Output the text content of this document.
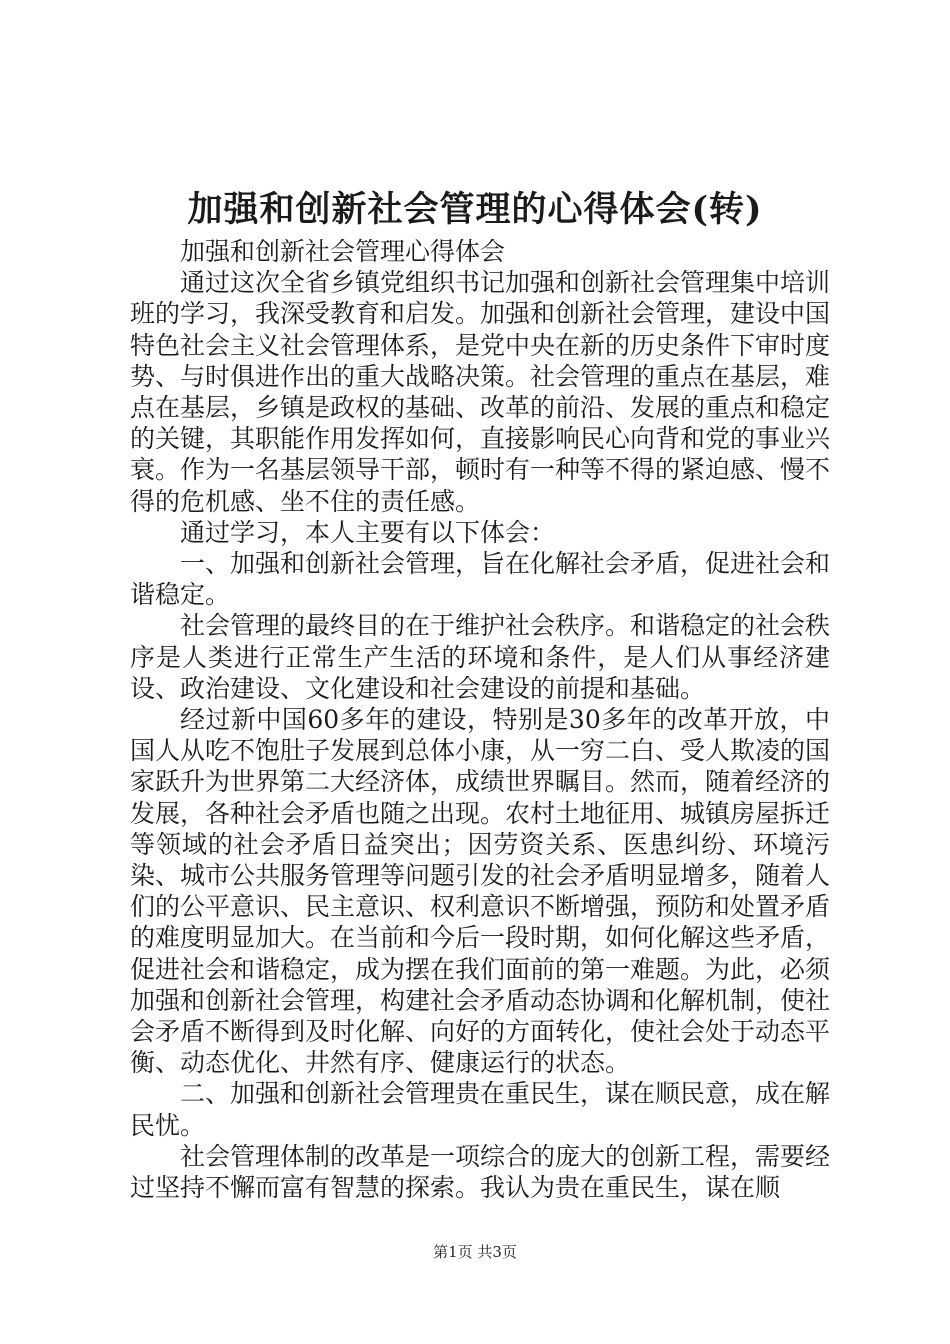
加强和创新社会管理的心得体会(转)

加强和创新社会管理心得体会

通过这次全省乡镇党组织书记加强和创新社会管理集中培训班的学习，我深受教育和启发。加强和创新社会管理，建设中国特色社会主义社会管理体系，是党中央在新的历史条件下审时度势、与时俱进作出的重大战略决策。社会管理的重点在基层，难点在基层，乡镇是政权的基础、改革的前沿、发展的重点和稳定的关键，其职能作用发挥如何，直接影响民心向背和党的事业兴衰。作为一名基层领导干部，顿时有一种等不得的紧迫感、慢不得的危机感、坐不住的责任感。

通过学习，本人主要有以下体会：

一、加强和创新社会管理，旨在化解社会矛盾，促进社会和谐稳定。

社会管理的最终目的在于维护社会秩序。和谐稳定的社会秩序是人类进行正常生产生活的环境和条件，是人们从事经济建设、政治建设、文化建设和社会建设的前提和基础。

经过新中国60多年的建设，特别是30多年的改革开放，中国人从吃不饱肚子发展到总体小康，从一穷二白、受人欺凌的国家跃升为世界第二大经济体，成绩世界瞩目。然而，随着经济的发展，各种社会矛盾也随之出现。农村土地征用、城镇房屋拆迁等领域的社会矛盾日益突出；因劳资关系、医患纠纷、环境污染、城市公共服务管理等问题引发的社会矛盾明显增多，随着人们的公平意识、民主意识、权利意识不断增强，预防和处置矛盾的难度明显加大。在当前和今后一段时期，如何化解这些矛盾，促进社会和谐稳定，成为摆在我们面前的第一难题。为此，必须加强和创新社会管理，构建社会矛盾动态协调和化解机制，使社会矛盾不断得到及时化解、向好的方面转化，使社会处于动态平衡、动态优化、井然有序、健康运行的状态。

二、加强和创新社会管理贵在重民生，谋在顺民意，成在解民忧。

社会管理体制的改革是一项综合的庞大的创新工程，需要经过坚持不懈而富有智慧的探索。我认为贵在重民生，谋在顺

第1页 共3页
